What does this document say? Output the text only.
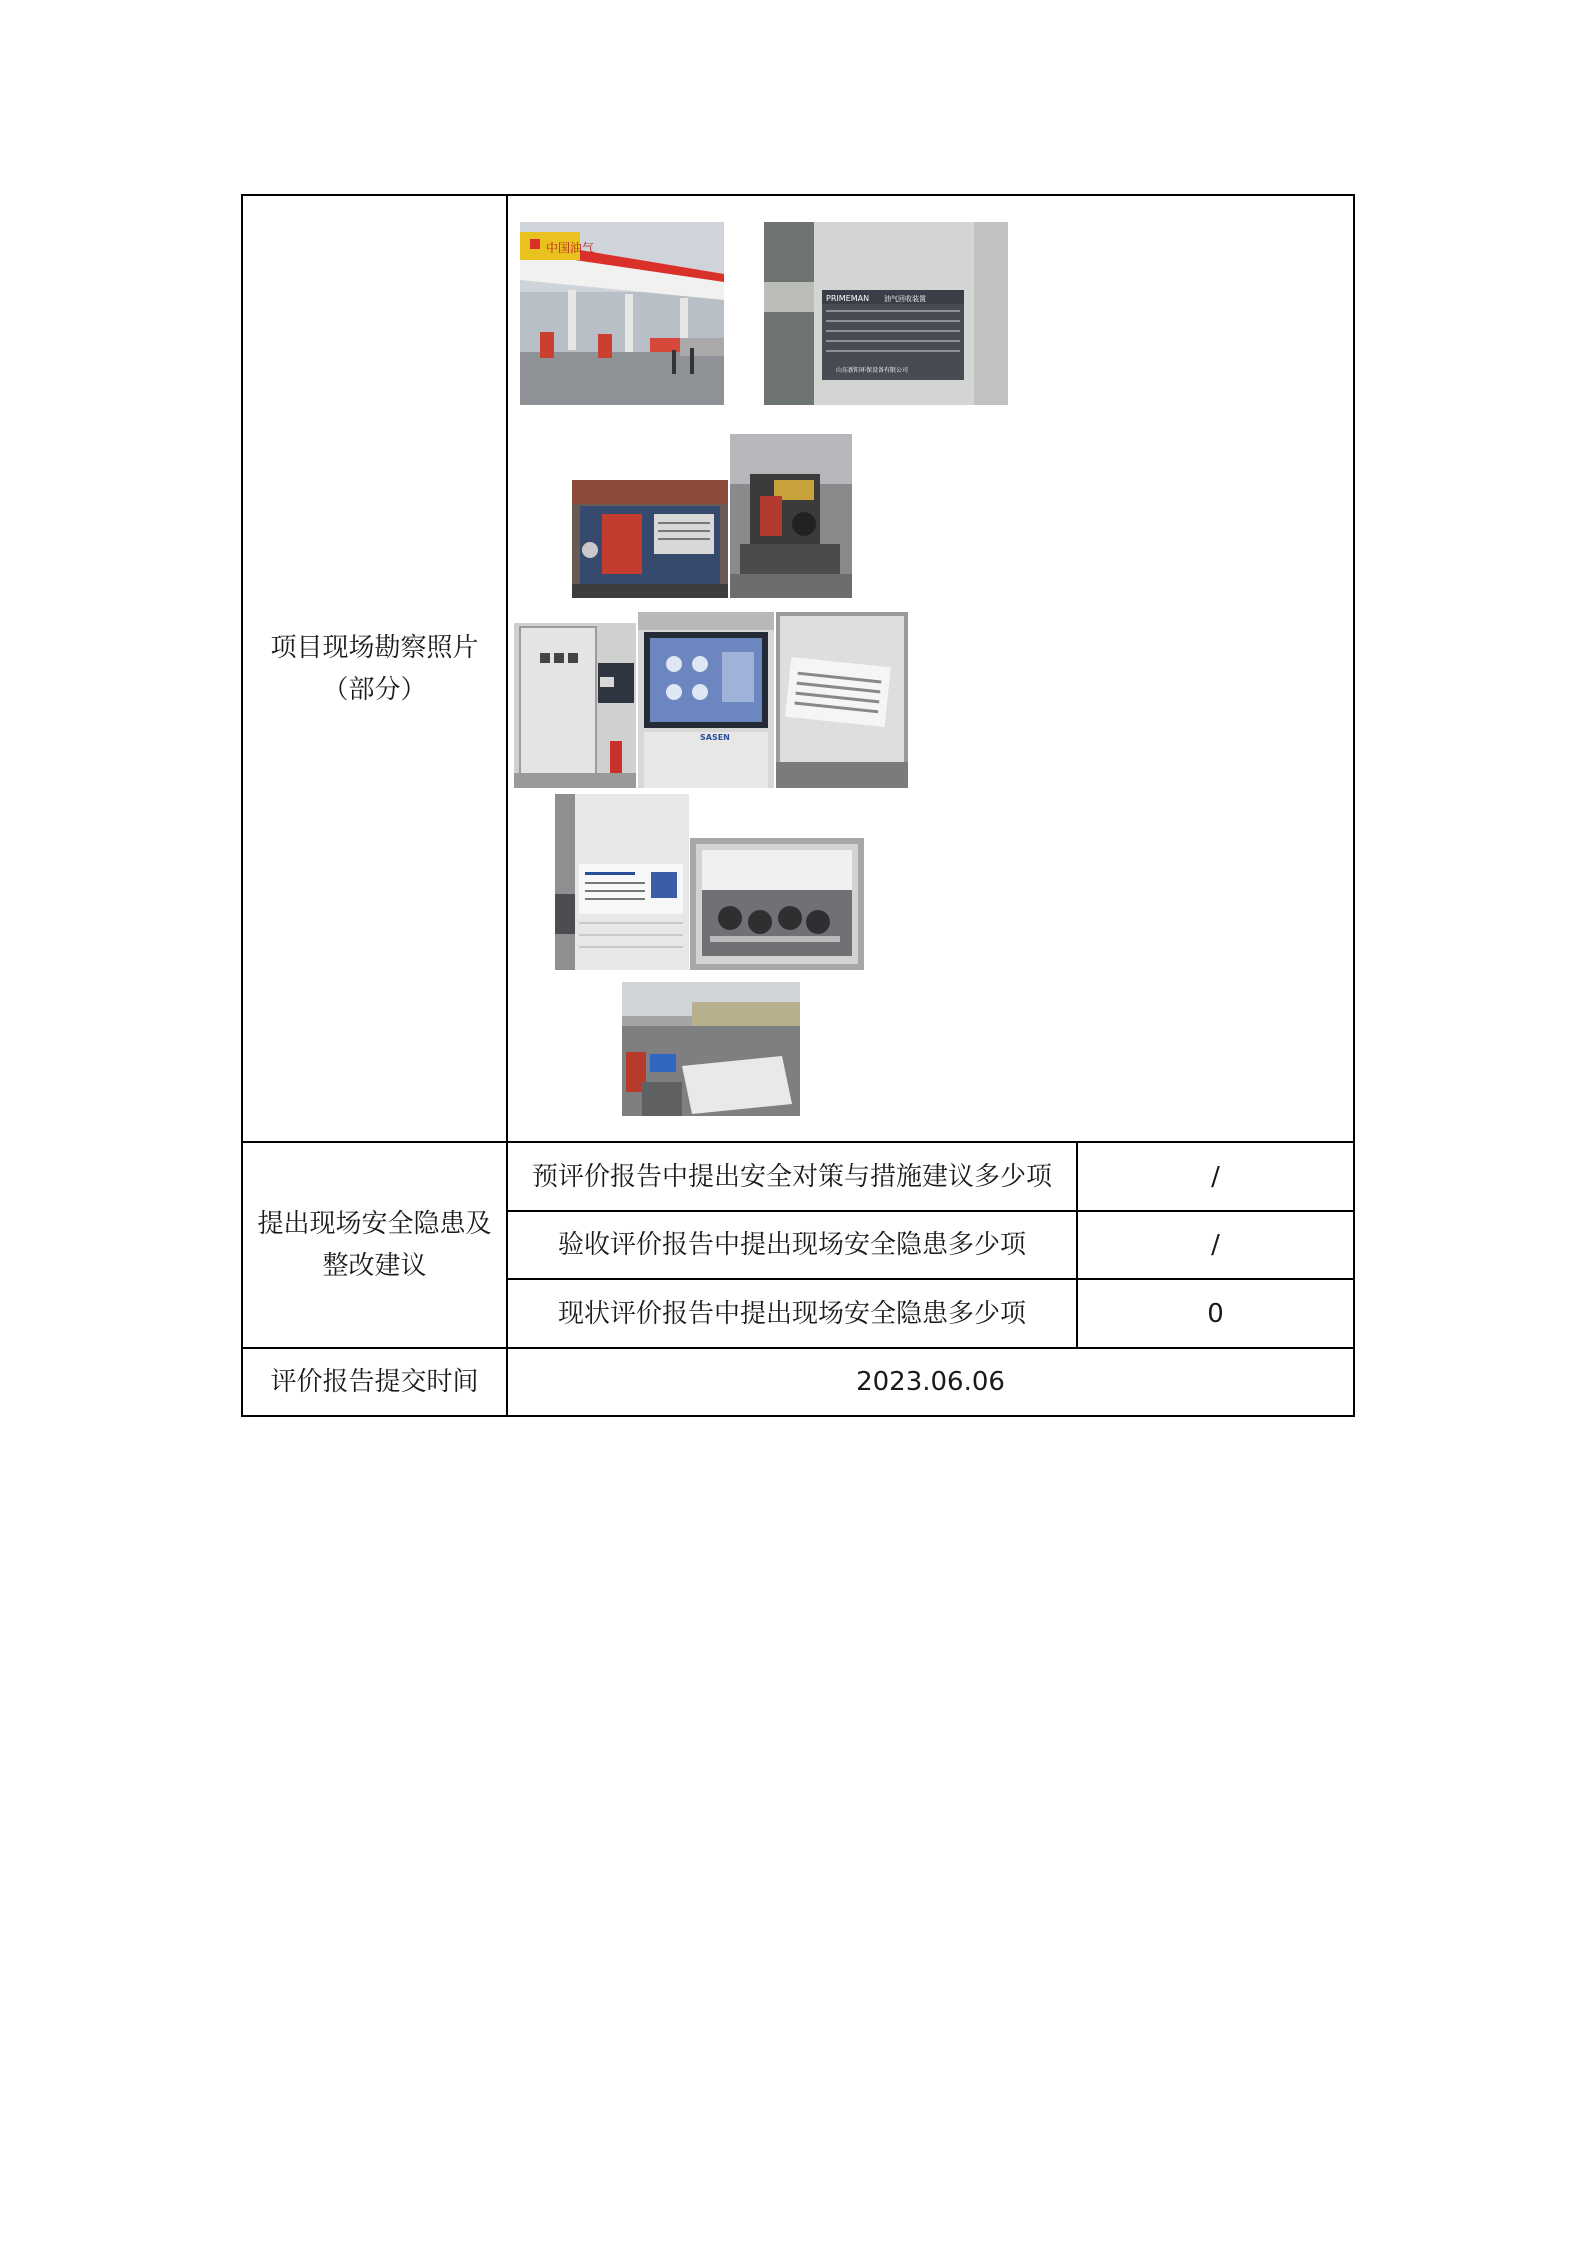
项目现场勘察照片（部分）
中国油气
PRIMEMAN 油气回收装置
山东新阳环保设备有限公司
SASEN
提出现场安全隐患及整改建议
预评价报告中提出安全对策与措施建议多少项	/
验收评价报告中提出现场安全隐患多少项	/
现状评价报告中提出现场安全隐患多少项	0
评价报告提交时间	2023.06.06
